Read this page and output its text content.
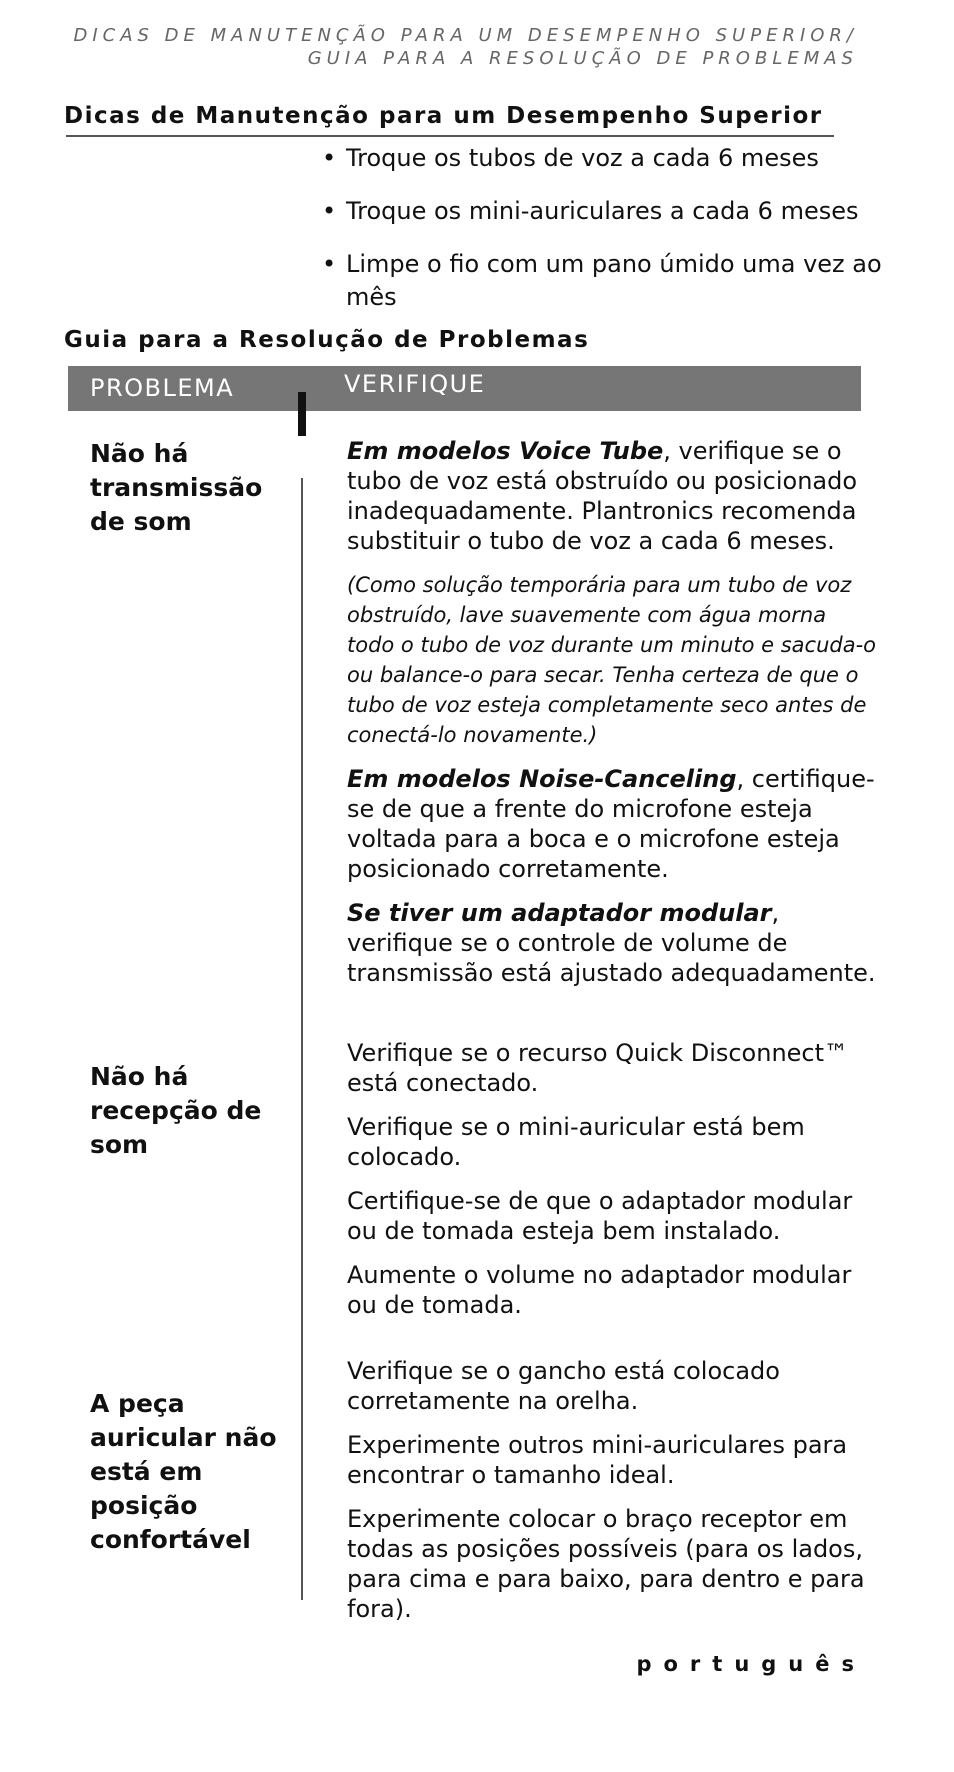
DICAS DE MANUTENÇÃO PARA UM DESEMPENHO SUPERIOR/
GUIA PARA A RESOLUÇÃO DE PROBLEMAS
Dicas de Manutenção para um Desempenho Superior
• Troque os tubos de voz a cada 6 meses
• Troque os mini-auriculares a cada 6 meses
• Limpe o fio com um pano úmido uma vez ao mês
Guia para a Resolução de Problemas
PROBLEMA	VERIFIQUE
Não há transmissão de som

Em modelos Voice Tube, verifique se o tubo de voz está obstruído ou posicionado inadequadamente. Plantronics recomenda substituir o tubo de voz a cada 6 meses.

(Como solução temporária para um tubo de voz obstruído, lave suavemente com água morna todo o tubo de voz durante um minuto e sacuda-o ou balance-o para secar. Tenha certeza de que o tubo de voz esteja completamente seco antes de conectá-lo novamente.)

Em modelos Noise-Canceling, certifique-se de que a frente do microfone esteja voltada para a boca e o microfone esteja posicionado corretamente.

Se tiver um adaptador modular, verifique se o controle de volume de transmissão está ajustado adequadamente.

Não há recepção de som

Verifique se o recurso Quick Disconnect™ está conectado.

Verifique se o mini-auricular está bem colocado.

Certifique-se de que o adaptador modular ou de tomada esteja bem instalado.

Aumente o volume no adaptador modular ou de tomada.

A peça auricular não está em posição confortável

Verifique se o gancho está colocado corretamente na orelha.

Experimente outros mini-auriculares para encontrar o tamanho ideal.

Experimente colocar o braço receptor em todas as posições possíveis (para os lados, para cima e para baixo, para dentro e para fora).

português
